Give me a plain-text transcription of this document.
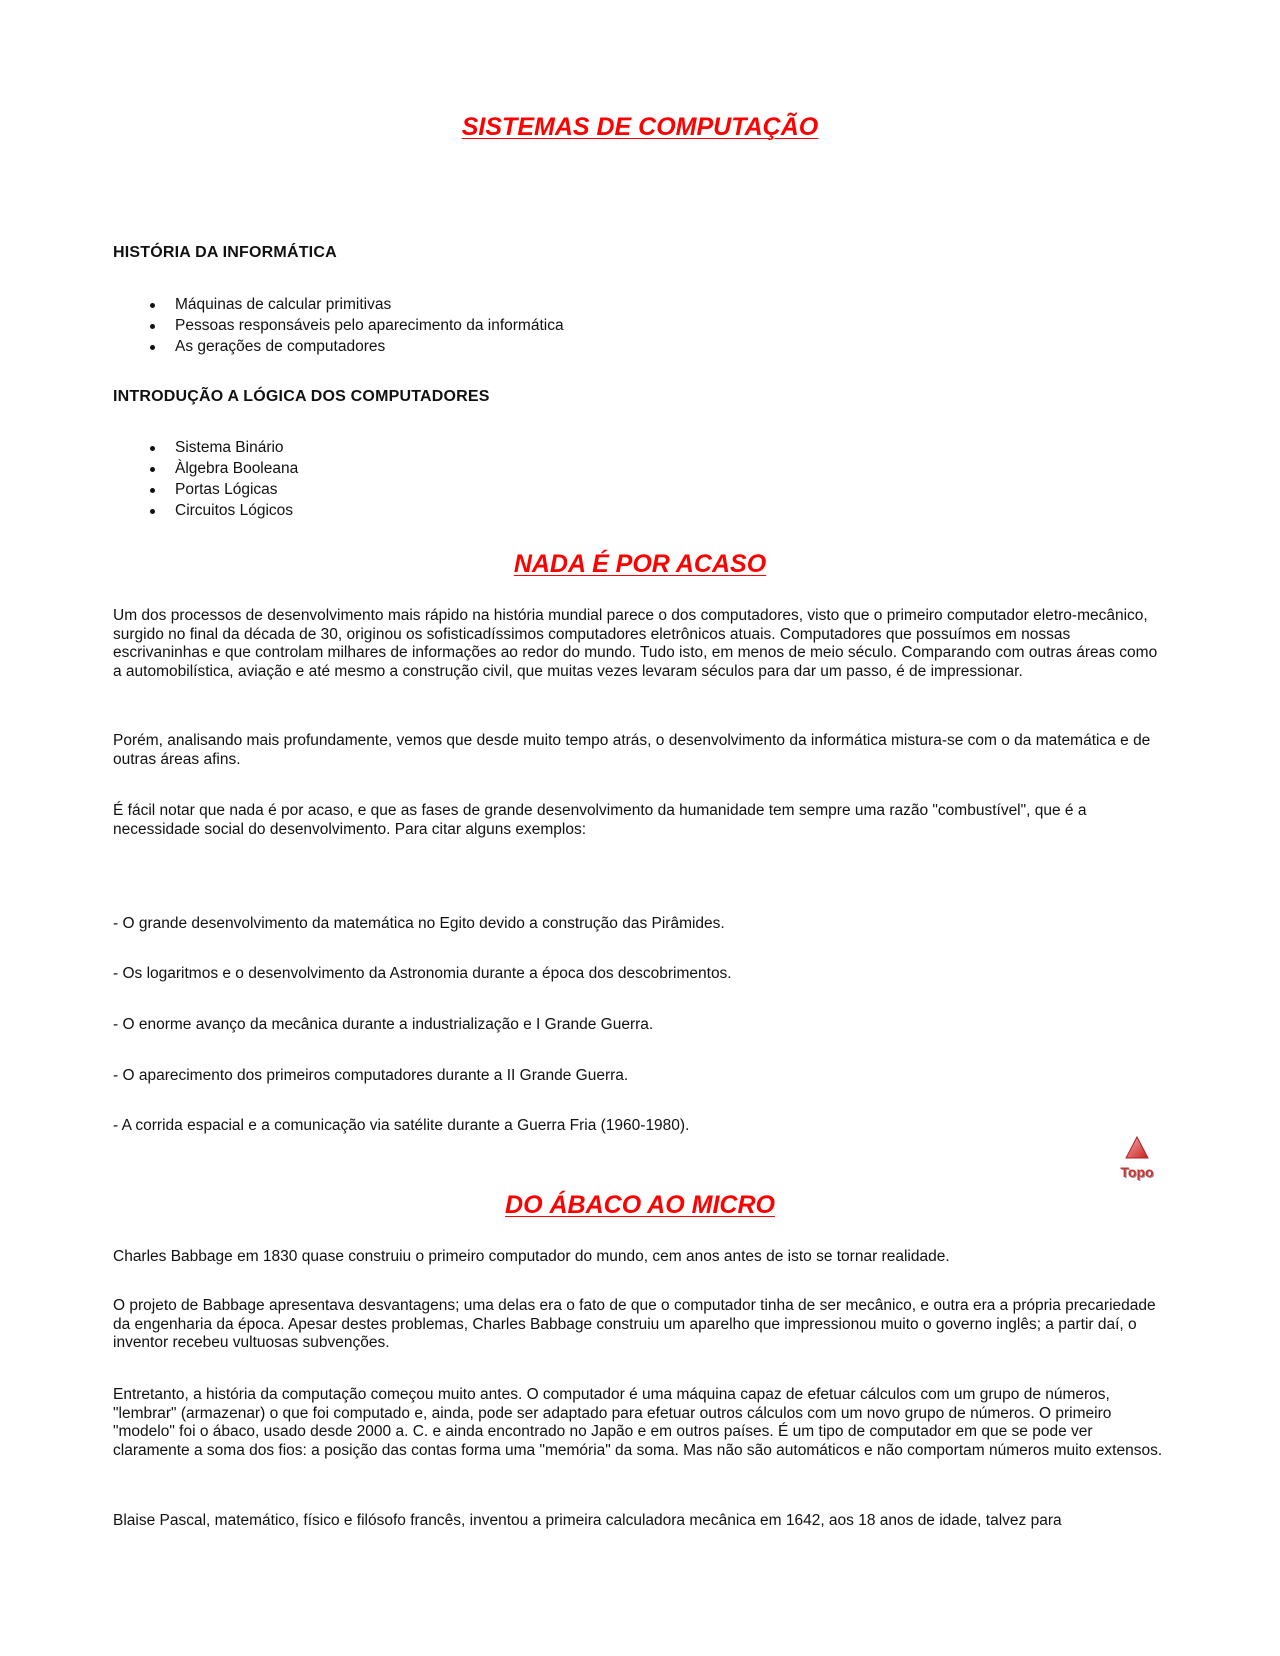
SISTEMAS DE COMPUTAÇÃO
HISTÓRIA DA INFORMÁTICA
Máquinas de calcular primitivas
Pessoas responsáveis pelo aparecimento da informática
As gerações de computadores
INTRODUÇÃO A LÓGICA DOS COMPUTADORES
Sistema Binário
Àlgebra Booleana
Portas Lógicas
Circuitos Lógicos
NADA É POR ACASO

Um dos processos de desenvolvimento mais rápido na história mundial parece o dos computadores, visto que o primeiro computador eletro-mecânico, surgido no final da década de 30, originou os sofisticadíssimos computadores eletrônicos atuais. Computadores que possuímos em nossas escrivaninhas e que controlam milhares de informações ao redor do mundo. Tudo isto, em menos de meio século. Comparando com outras áreas como a automobilística, aviação e até mesmo a construção civil, que muitas vezes levaram séculos para dar um passo, é de impressionar.

Porém, analisando mais profundamente, vemos que desde muito tempo atrás, o desenvolvimento da informática mistura-se com o da matemática e de outras áreas afins.

É fácil notar que nada é por acaso, e que as fases de grande desenvolvimento da humanidade tem sempre uma razão "combustível", que é a necessidade social do desenvolvimento. Para citar alguns exemplos:

- O grande desenvolvimento da matemática no Egito devido a construção das Pirâmides.

- Os logaritmos e o desenvolvimento da Astronomia durante a época dos descobrimentos.

- O enorme avanço da mecânica durante a industrialização e I Grande Guerra.

- O aparecimento dos primeiros computadores durante a II Grande Guerra.

- A corrida espacial e a comunicação via satélite durante a Guerra Fria (1960-1980).

Topo
DO ÁBACO AO MICRO

Charles Babbage em 1830 quase construiu o primeiro computador do mundo, cem anos antes de isto se tornar realidade.

O projeto de Babbage apresentava desvantagens; uma delas era o fato de que o computador tinha de ser mecânico, e outra era a própria precariedade da engenharia da época. Apesar destes problemas, Charles Babbage construiu um aparelho que impressionou muito o governo inglês; a partir daí, o inventor recebeu vultuosas subvenções.

Entretanto, a história da computação começou muito antes. O computador é uma máquina capaz de efetuar cálculos com um grupo de números, "lembrar" (armazenar) o que foi computado e, ainda, pode ser adaptado para efetuar outros cálculos com um novo grupo de números. O primeiro "modelo" foi o ábaco, usado desde 2000 a. C. e ainda encontrado no Japão e em outros países. É um tipo de computador em que se pode ver claramente a soma dos fios: a posição das contas forma uma "memória" da soma. Mas não são automáticos e não comportam números muito extensos.

Blaise Pascal, matemático, físico e filósofo francês, inventou a primeira calculadora mecânica em 1642, aos 18 anos de idade, talvez para
